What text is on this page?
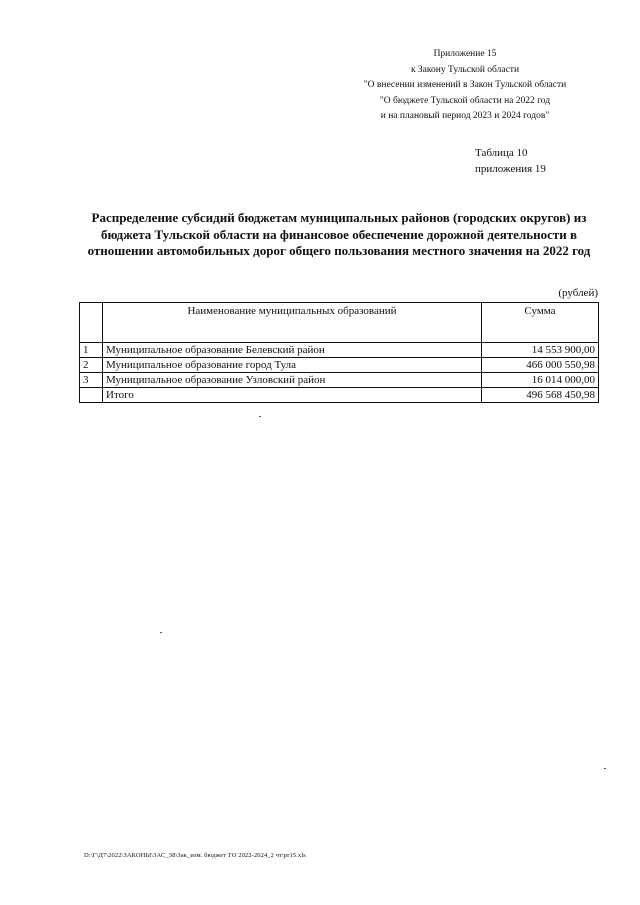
Приложение 15
к Закону Тульской области
"О внесении изменений в Закон Тульской области
"О бюджете Тульской области на 2022 год
и на плановый период 2023 и 2024 годов"
Таблица 10
приложения 19
Распределение субсидий бюджетам муниципальных районов (городских округов) из
бюджета Тульской области на финансовое обеспечение дорожной деятельности в
отношении автомобильных дорог общего пользования местного значения на 2022 год
(рублей)
	Наименование муниципальных образований	Сумма
1	Муниципальное образование Белевский район	14 553 900,00
2	Муниципальное образование город Тула	466 000 550,98
3	Муниципальное образование Узловский район	16 014 000,00
	Итого	496 568 450,98
D:\Г\Д7\2022\ЗАКОНЫ\ЗАС_38\Зак_изм. бюджет ТО 2022-2024_2 чт\pr15.xls
